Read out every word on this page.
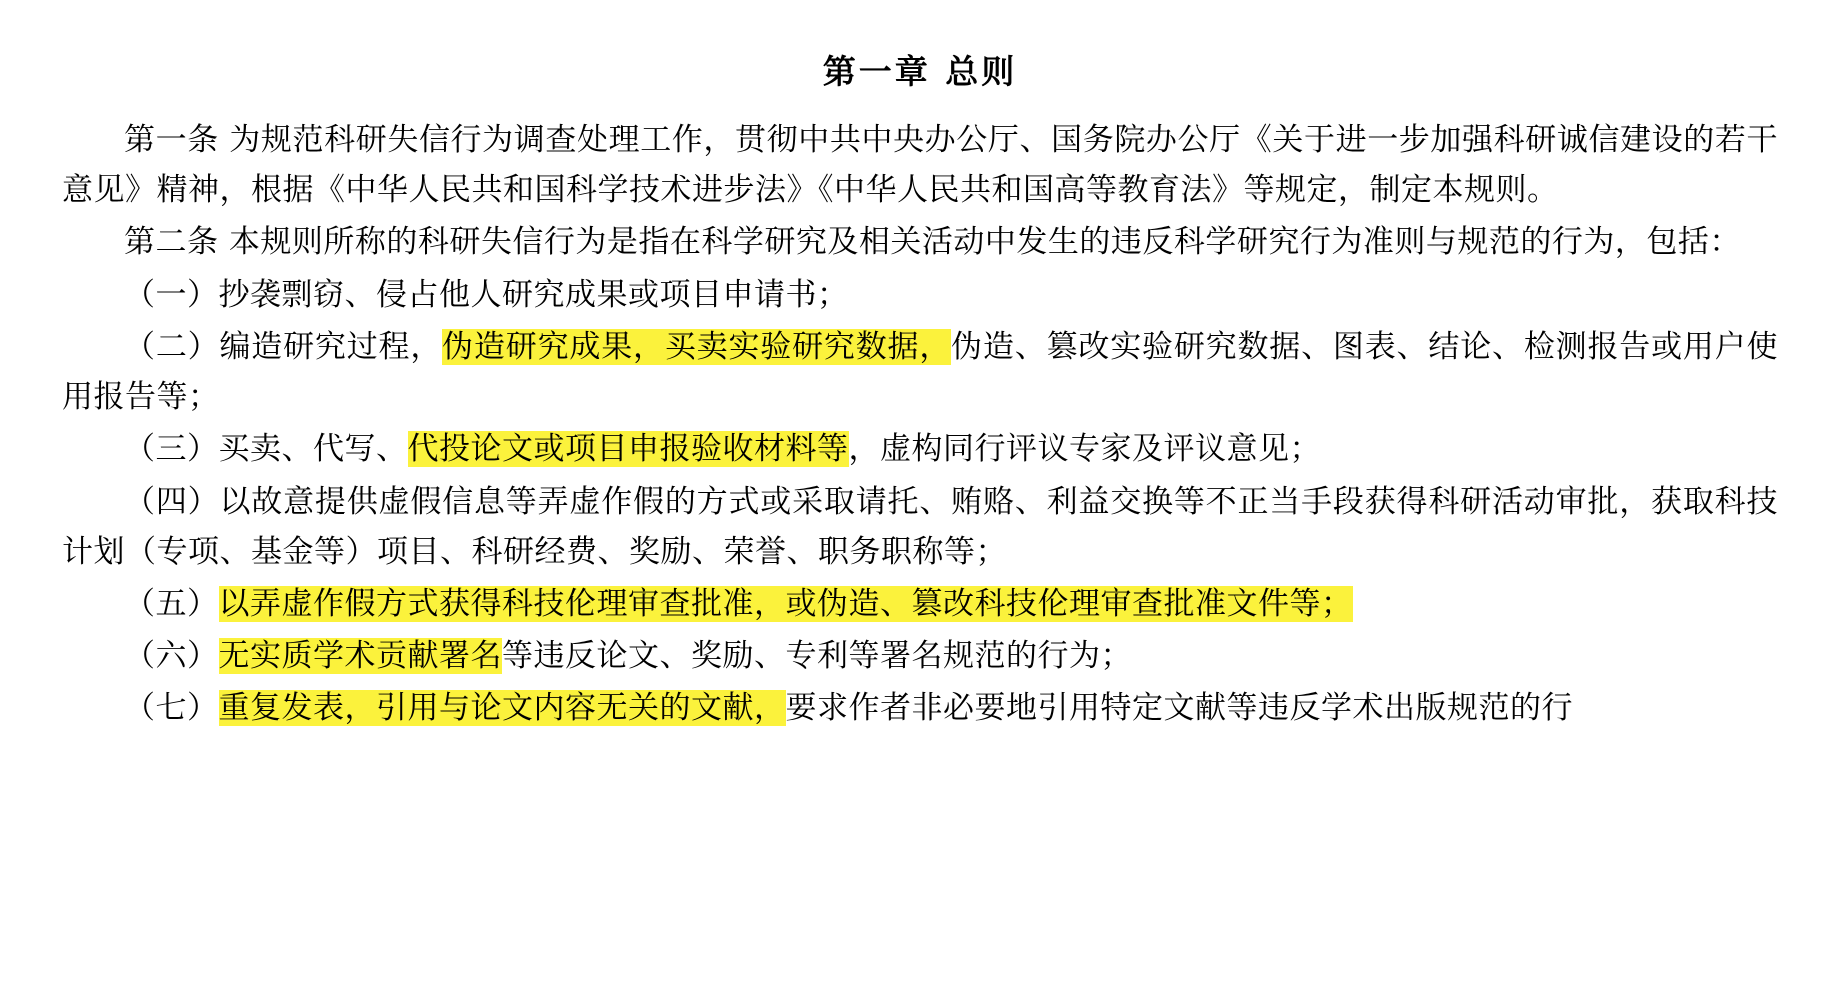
第一章 总则
第一条 为规范科研失信行为调查处理工作，贯彻中共中央办公厅、国务院办公厅《关于进一步加强科研诚信建设的若干意见》精神，根据《中华人民共和国科学技术进步法》《中华人民共和国高等教育法》等规定，制定本规则。
第二条 本规则所称的科研失信行为是指在科学研究及相关活动中发生的违反科学研究行为准则与规范的行为，包括：
（一）抄袭剽窃、侵占他人研究成果或项目申请书；
（二）编造研究过程，伪造研究成果，买卖实验研究数据，伪造、篡改实验研究数据、图表、结论、检测报告或用户使用报告等；
（三）买卖、代写、代投论文或项目申报验收材料等，虚构同行评议专家及评议意见；
（四）以故意提供虚假信息等弄虚作假的方式或采取请托、贿赂、利益交换等不正当手段获得科研活动审批，获取科技计划（专项、基金等）项目、科研经费、奖励、荣誉、职务职称等；
（五）以弄虚作假方式获得科技伦理审查批准，或伪造、篡改科技伦理审查批准文件等；
（六）无实质学术贡献署名等违反论文、奖励、专利等署名规范的行为；
（七）重复发表，引用与论文内容无关的文献，要求作者非必要地引用特定文献等违反学术出版规范的行
